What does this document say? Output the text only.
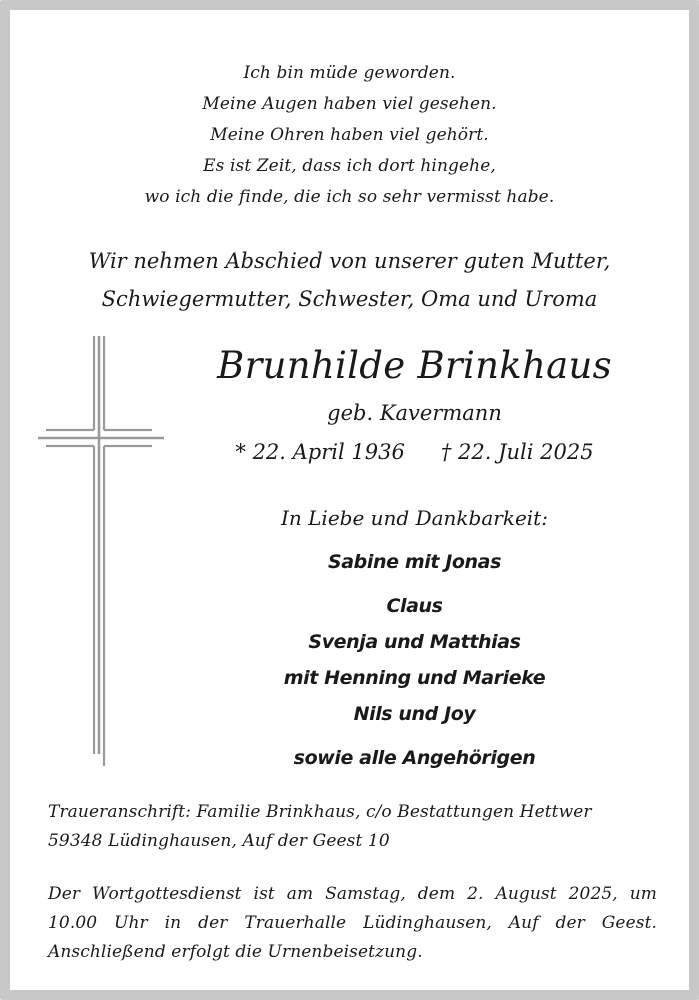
Ich bin müde geworden.
Meine Augen haben viel gesehen.
Meine Ohren haben viel gehört.
Es ist Zeit, dass ich dort hingehe,
wo ich die finde, die ich so sehr vermisst habe.
Wir nehmen Abschied von unserer guten Mutter,
Schwiegermutter, Schwester, Oma und Uroma
Brunhilde Brinkhaus
geb. Kavermann
* 22. April 1936 † 22. Juli 2025
In Liebe und Dankbarkeit:
Sabine mit Jonas
Claus
Svenja und Matthias
mit Henning und Marieke
Nils und Joy
sowie alle Angehörigen
Traueranschrift: Familie Brinkhaus, c/o Bestattungen Hettwer
59348 Lüdinghausen, Auf der Geest 10
Der Wortgottesdienst ist am Samstag, dem 2. August 2025, um
10.00 Uhr in der Trauerhalle Lüdinghausen, Auf der Geest.
Anschließend erfolgt die Urnenbeisetzung.
